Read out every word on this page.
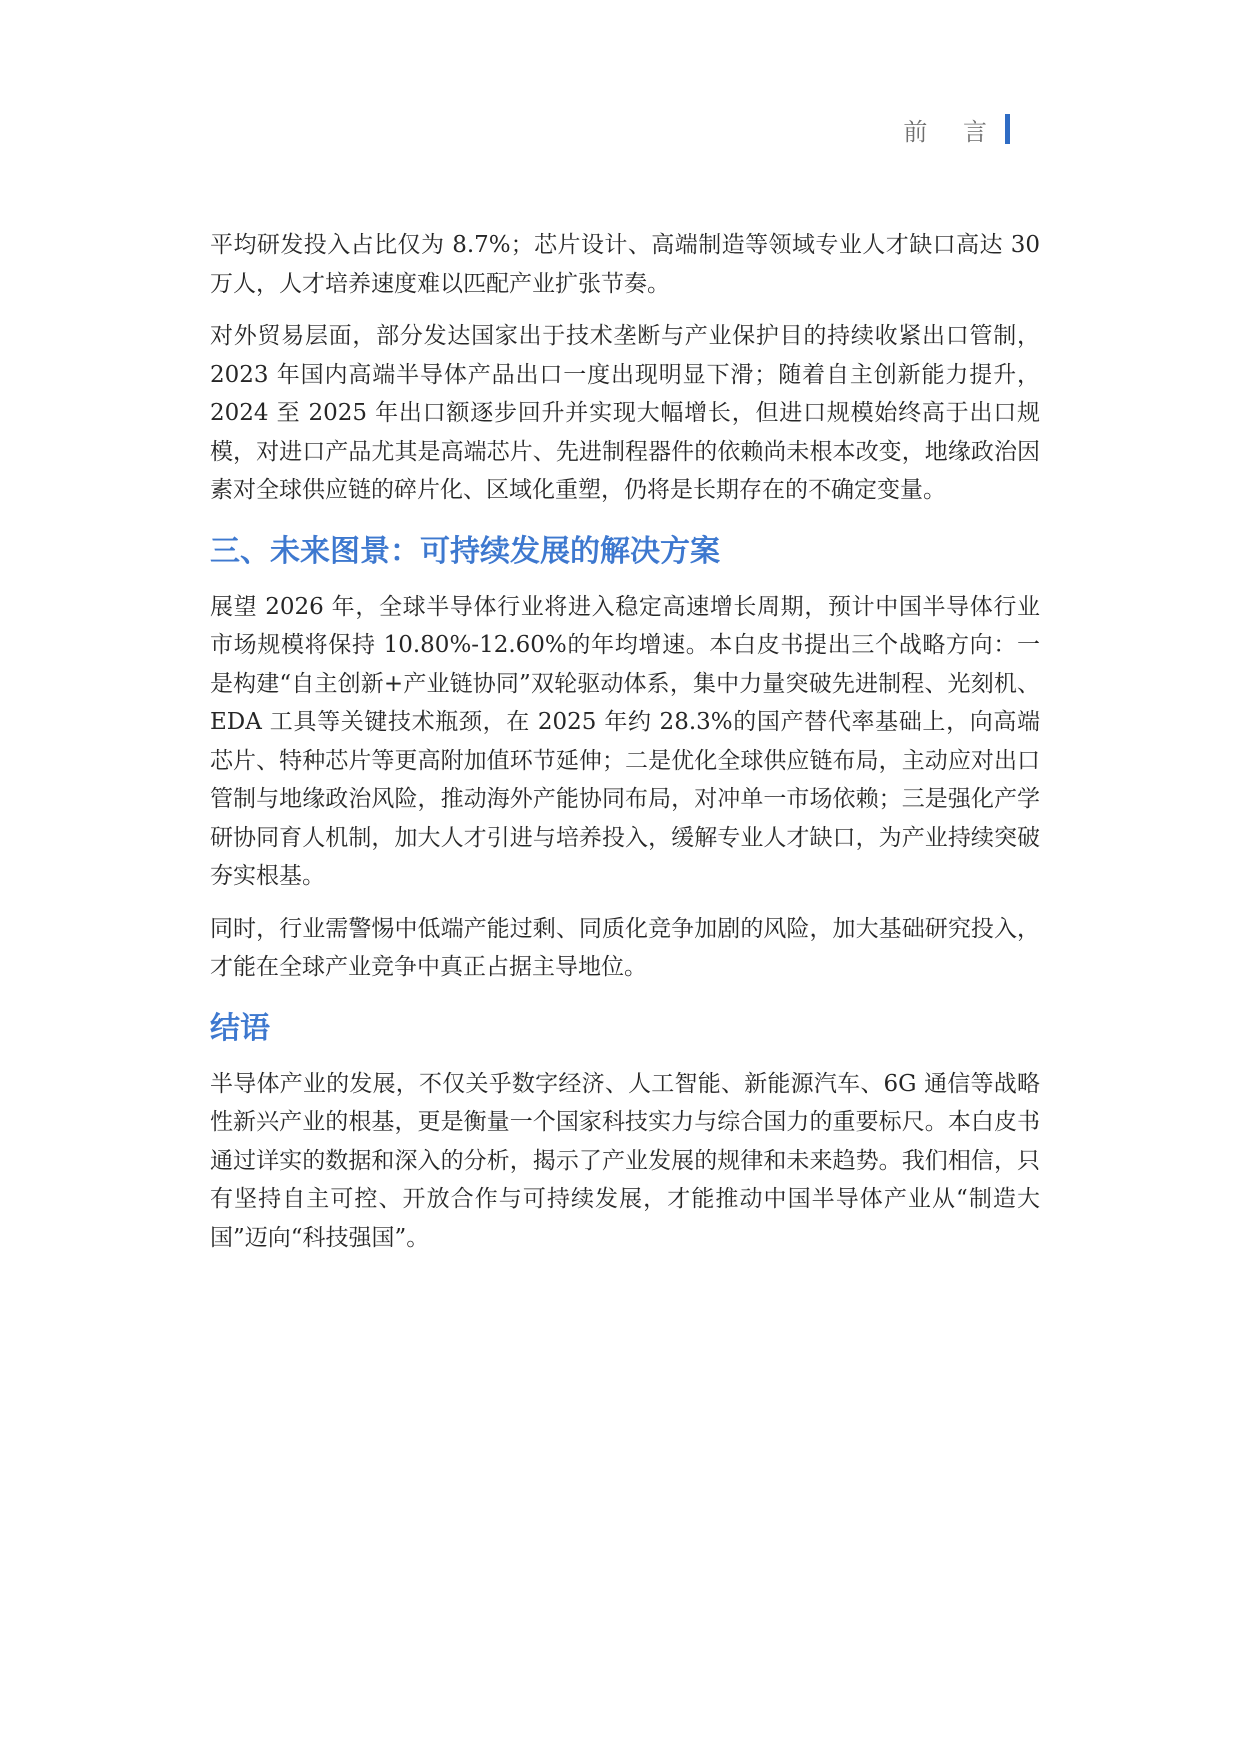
前 言

平均研发投入占比仅为 8.7%；芯片设计、高端制造等领域专业人才缺口高达 30 万人，人才培养速度难以匹配产业扩张节奏。

对外贸易层面，部分发达国家出于技术垄断与产业保护目的持续收紧出口管制，2023 年国内高端半导体产品出口一度出现明显下滑；随着自主创新能力提升，2024 至 2025 年出口额逐步回升并实现大幅增长，但进口规模始终高于出口规模，对进口产品尤其是高端芯片、先进制程器件的依赖尚未根本改变，地缘政治因素对全球供应链的碎片化、区域化重塑，仍将是长期存在的不确定变量。

三、未来图景：可持续发展的解决方案

展望 2026 年，全球半导体行业将进入稳定高速增长周期，预计中国半导体行业市场规模将保持 10.80%-12.60%的年均增速。本白皮书提出三个战略方向：一是构建“自主创新+产业链协同”双轮驱动体系，集中力量突破先进制程、光刻机、EDA 工具等关键技术瓶颈，在 2025 年约 28.3%的国产替代率基础上，向高端芯片、特种芯片等更高附加值环节延伸；二是优化全球供应链布局，主动应对出口管制与地缘政治风险，推动海外产能协同布局，对冲单一市场依赖；三是强化产学研协同育人机制，加大人才引进与培养投入，缓解专业人才缺口，为产业持续突破夯实根基。

同时，行业需警惕中低端产能过剩、同质化竞争加剧的风险，加大基础研究投入，才能在全球产业竞争中真正占据主导地位。

结语

半导体产业的发展，不仅关乎数字经济、人工智能、新能源汽车、6G 通信等战略性新兴产业的根基，更是衡量一个国家科技实力与综合国力的重要标尺。本白皮书通过详实的数据和深入的分析，揭示了产业发展的规律和未来趋势。我们相信，只有坚持自主可控、开放合作与可持续发展，才能推动中国半导体产业从“制造大国”迈向“科技强国”。
